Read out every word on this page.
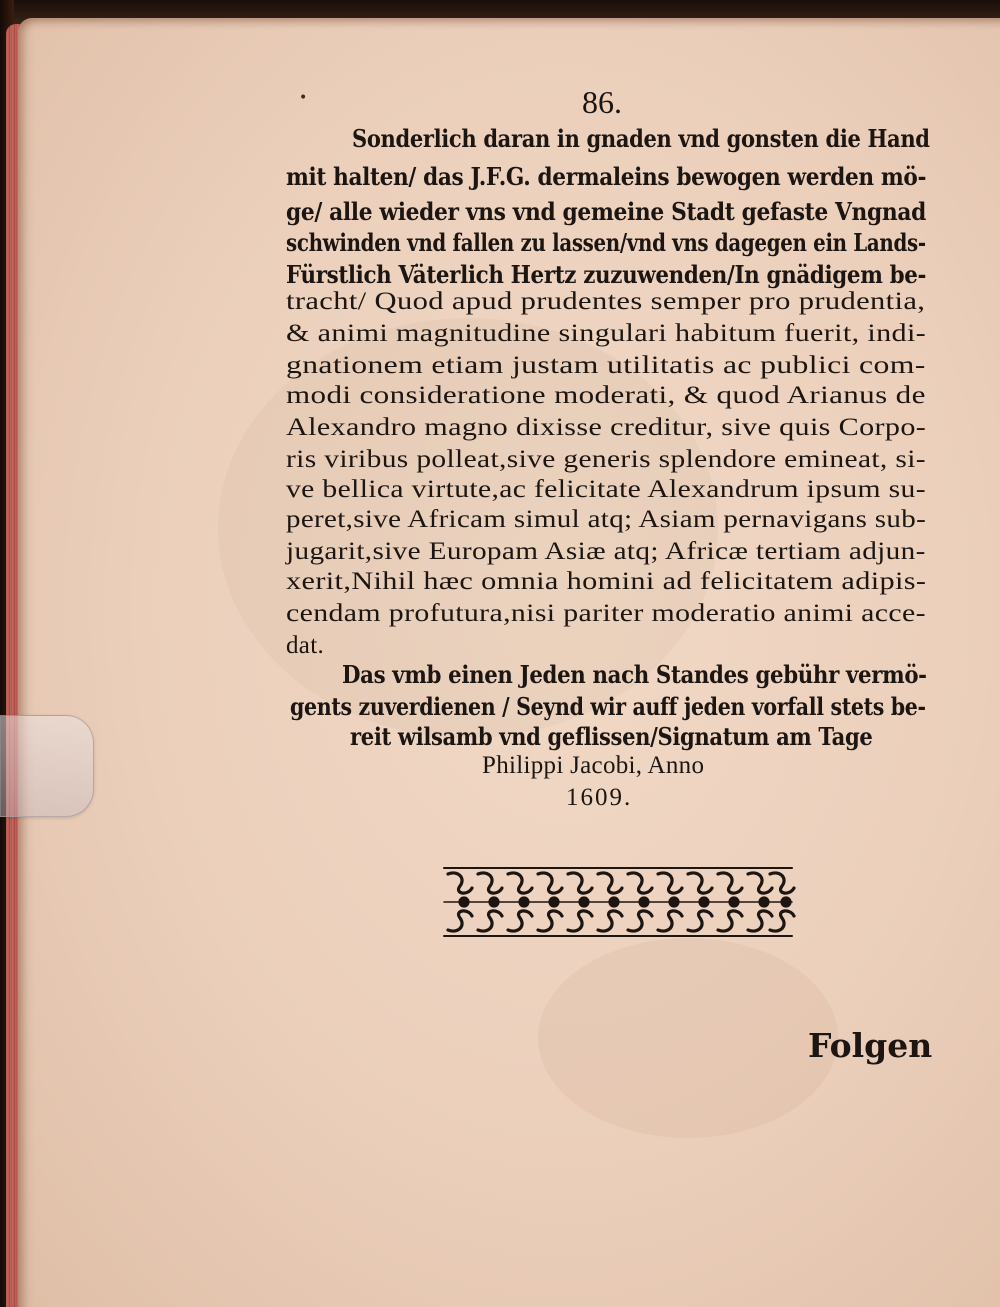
•	86.
Sonderlich daran in gnaden vnd gonsten die Hand
mit halten/ das J.F.G. dermaleins bewogen werden mö-
ge/ alle wieder vns vnd gemeine Stadt gefaste Vngnad
schwinden vnd fallen zu lassen/vnd vns dagegen ein Lands-
Fürstlich Väterlich Hertz zuzuwenden/In gnädigem be-
tracht/ Quod apud prudentes semper pro prudentia,
& animi magnitudine singulari habitum fuerit, indi-
gnationem etiam justam utilitatis ac publici com-
modi consideratione moderati, & quod Arianus de
Alexandro magno dixisse creditur, sive quis Corpo-
ris viribus polleat,sive generis splendore emineat, si-
ve bellica virtute,ac felicitate Alexandrum ipsum su-
peret,sive Africam simul atq; Asiam pernavigans sub-
jugarit,sive Europam Asiæ atq; Africæ tertiam adjun-
xerit,Nihil hæc omnia homini ad felicitatem adipis-
cendam profutura,nisi pariter moderatio animi acce-
dat.
Das vmb einen Jeden nach Standes gebühr vermö-
gents zuverdienen / Seynd wir auff jeden vorfall stets be-
reit wilsamb vnd geflissen/Signatum am Tage
Philippi Jacobi, Anno
1609.
Folgen
